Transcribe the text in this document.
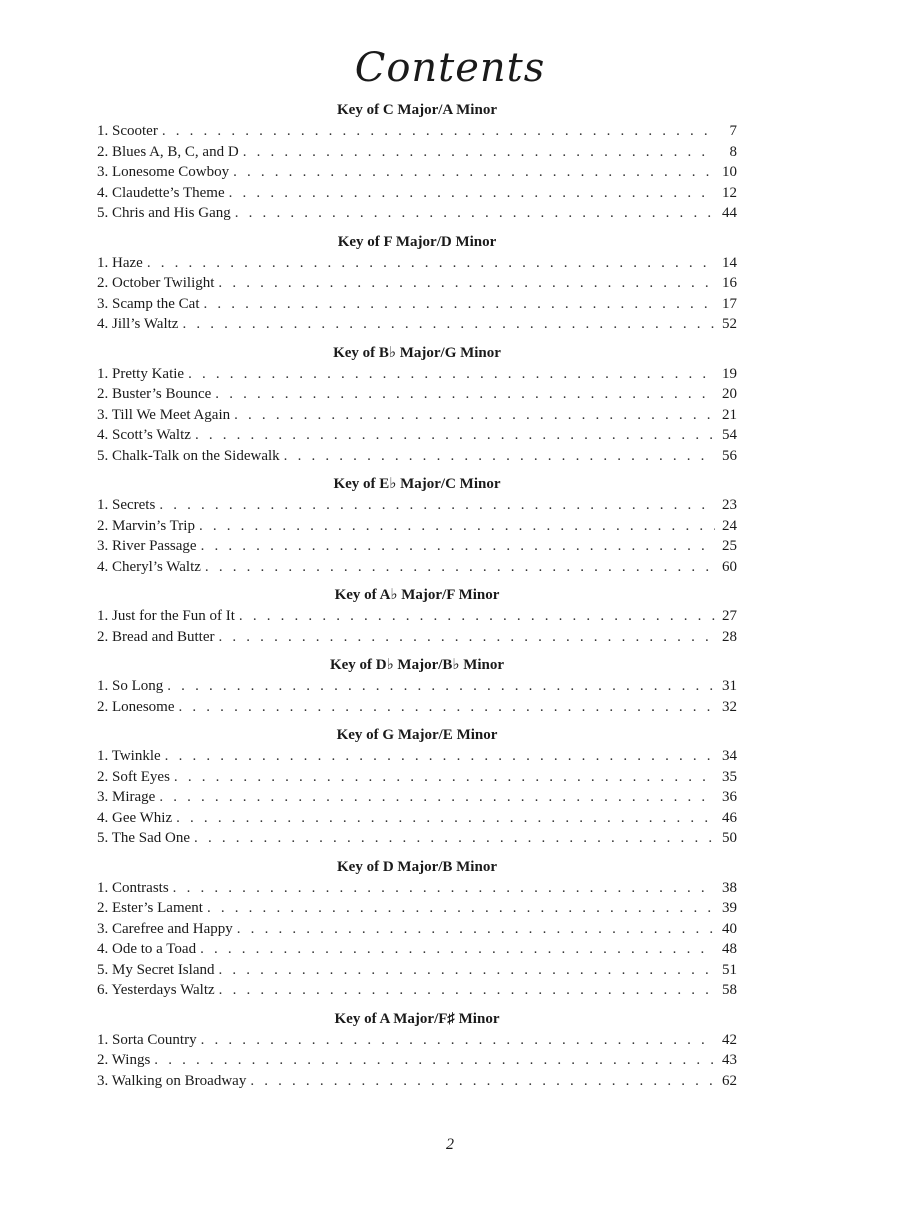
Contents
Key of C Major/A Minor
1. Scooter . . .	7
2. Blues A, B, C, and D . . .	8
3. Lonesome Cowboy . . .	10
4. Claudette’s Theme . . .	12
5. Chris and His Gang . . .	44
Key of F Major/D Minor
1. Haze . . .	14
2. October Twilight . . .	16
3. Scamp the Cat . . .	17
4. Jill’s Waltz . . .	52
Key of B♭ Major/G Minor
1. Pretty Katie . . .	19
2. Buster’s Bounce . . .	20
3. Till We Meet Again . . .	21
4. Scott’s Waltz . . .	54
5. Chalk-Talk on the Sidewalk . . .	56
Key of E♭ Major/C Minor
1. Secrets . . .	23
2. Marvin’s Trip . . .	24
3. River Passage . . .	25
4. Cheryl’s Waltz . . .	60
Key of A♭ Major/F Minor
1. Just for the Fun of It . . .	27
2. Bread and Butter . . .	28
Key of D♭ Major/B♭ Minor
1. So Long . . .	31
2. Lonesome . . .	32
Key of G Major/E Minor
1. Twinkle . . .	34
2. Soft Eyes . . .	35
3. Mirage . . .	36
4. Gee Whiz . . .	46
5. The Sad One . . .	50
Key of D Major/B Minor
1. Contrasts . . .	38
2. Ester’s Lament . . .	39
3. Carefree and Happy . . .	40
4. Ode to a Toad . . .	48
5. My Secret Island . . .	51
6. Yesterdays Waltz . . .	58
Key of A Major/F♯ Minor
1. Sorta Country . . .	42
2. Wings . . .	43
3. Walking on Broadway . . .	62
2
